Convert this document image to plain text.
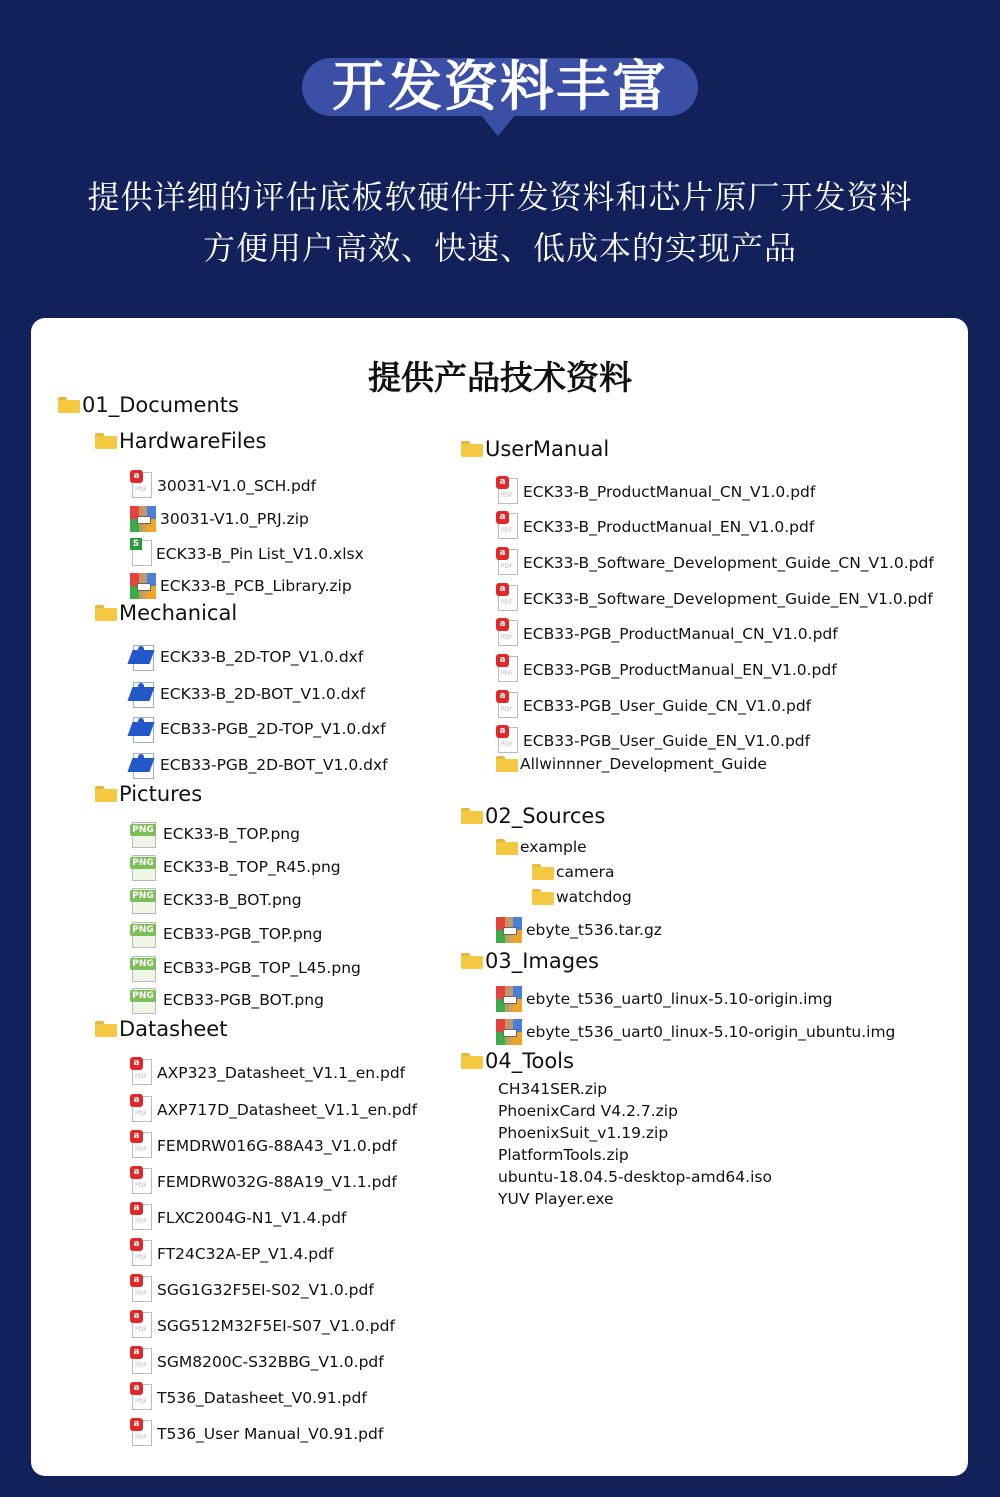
开发资料丰富
提供详细的评估底板软硬件开发资料和芯片原厂开发资料
方便用户高效、快速、低成本的实现产品
提供产品技术资料
01_Documents
HardwareFiles
a
PDF 30031-V1.0_SCH.pdf
30031-V1.0_PRJ.zip
S
ECK33-B_Pin List_V1.0.xlsx
ECK33-B_PCB_Library.zip
Mechanical
ECK33-B_2D-TOP_V1.0.dxf
ECK33-B_2D-BOT_V1.0.dxf
ECB33-PGB_2D-TOP_V1.0.dxf
ECB33-PGB_2D-BOT_V1.0.dxf
Pictures
PNG ECK33-B_TOP.png
PNG ECK33-B_TOP_R45.png
PNG ECK33-B_BOT.png
PNG ECB33-PGB_TOP.png
PNG ECB33-PGB_TOP_L45.png
PNG ECB33-PGB_BOT.png
Datasheet
a
PDF AXP323_Datasheet_V1.1_en.pdf
a
PDF AXP717D_Datasheet_V1.1_en.pdf
a
PDF FEMDRW016G-88A43_V1.0.pdf
a
PDF FEMDRW032G-88A19_V1.1.pdf
a
PDF FLXC2004G-N1_V1.4.pdf
a
PDF FT24C32A-EP_V1.4.pdf
a
PDF SGG1G32F5EI-S02_V1.0.pdf
a
PDF SGG512M32F5EI-S07_V1.0.pdf
a
PDF SGM8200C-S32BBG_V1.0.pdf
a
PDF T536_Datasheet_V0.91.pdf
a
PDF T536_User Manual_V0.91.pdf
UserManual
a
PDF ECK33-B_ProductManual_CN_V1.0.pdf
a
PDF ECK33-B_ProductManual_EN_V1.0.pdf
a
PDF ECK33-B_Software_Development_Guide_CN_V1.0.pdf
a
PDF ECK33-B_Software_Development_Guide_EN_V1.0.pdf
a
PDF ECB33-PGB_ProductManual_CN_V1.0.pdf
a
PDF ECB33-PGB_ProductManual_EN_V1.0.pdf
a
PDF ECB33-PGB_User_Guide_CN_V1.0.pdf
a
PDF ECB33-PGB_User_Guide_EN_V1.0.pdf
Allwinnner_Development_Guide
02_Sources
example
camera
watchdog
ebyte_t536.tar.gz
03_Images
ebyte_t536_uart0_linux-5.10-origin.img
ebyte_t536_uart0_linux-5.10-origin_ubuntu.img
04_Tools
CH341SER.zip
PhoenixCard V4.2.7.zip
PhoenixSuit_v1.19.zip
PlatformTools.zip
ubuntu-18.04.5-desktop-amd64.iso
YUV Player.exe
